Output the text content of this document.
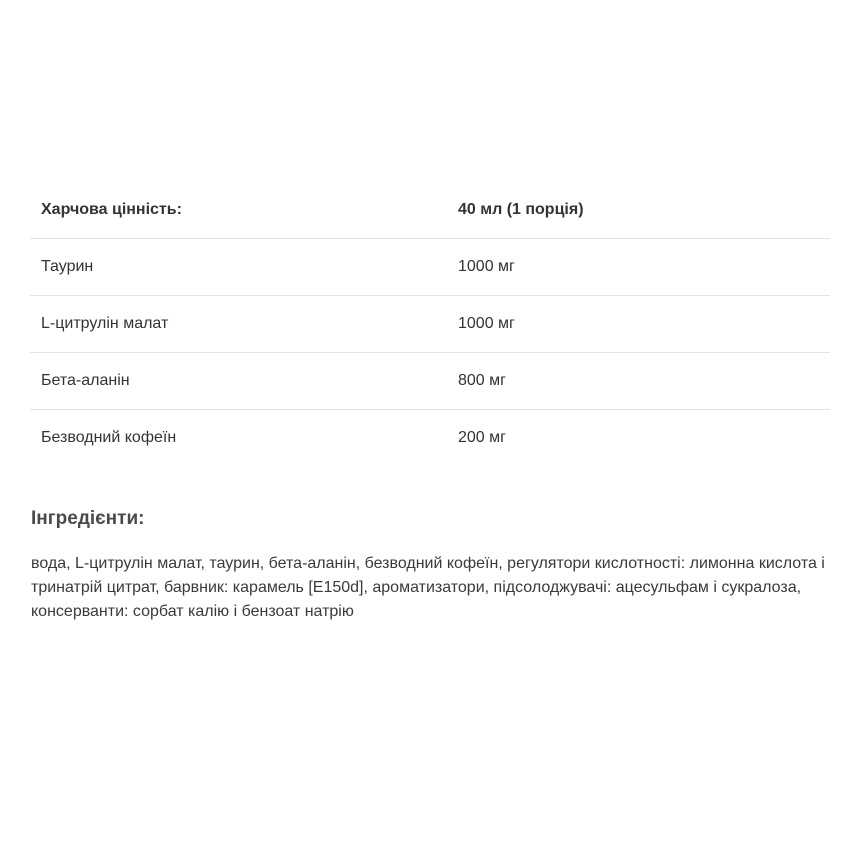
Харчова цінність:	40 мл (1 порція)
Таурин	1000 мг
L-цитрулін малат	1000 мг
Бета-аланін	800 мг
Безводний кофеїн	200 мг
Інгредієнти:

вода, L-цитрулін малат, таурин, бета-аланін, безводний кофеїн, регулятори кислотності: лимонна кислота і тринатрій цитрат, барвник: карамель [E150d], ароматизатори, підсолоджувачі: ацесульфам і сукралоза, консерванти: сорбат калію і бензоат натрію
